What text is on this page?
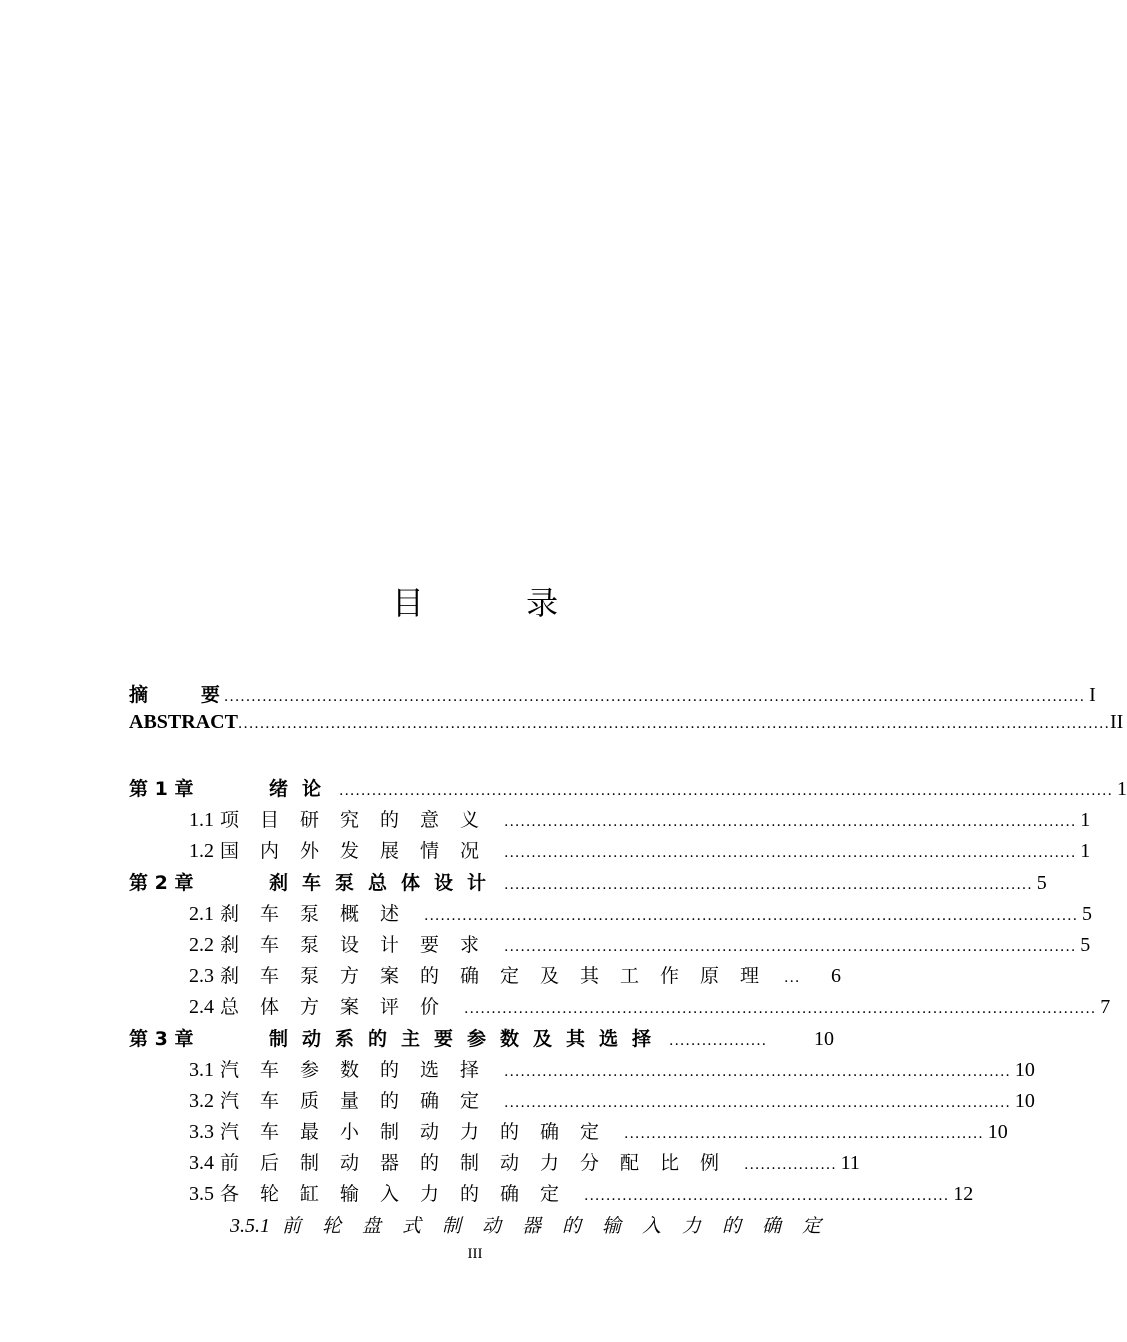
目 录
摘        要 .............................................................................................................................................................. I
ABSTRACT ................................................................................................................................................................ II
第 1 章	绪论 .............................................................................................................................................. 1
1.1 项目研究的意义 ......................................................................................................... 1
1.2 国内外发展情况 ......................................................................................................... 1
第 2 章	刹车泵总体设计 ................................................................................................. 5
2.1 刹车泵概述 ........................................................................................................................ 5
2.2 刹车泵设计要求 ......................................................................................................... 5
2.3 刹车泵方案的确定及其工作原理 ...	6
2.4 总体方案评价 .................................................................................................................... 7
第 3 章	制动系的主要参数及其选择 ..................	10
3.1 汽车参数的选择 ............................................................................................. 10
3.2 汽车质量的确定 ............................................................................................. 10
3.3 汽车最小制动力的确定 .................................................................. 10
3.4 前后制动器的制动力分配比例 ................. 11
3.5 各轮缸输入力的确定 ................................................................... 12
3.5.1 前轮盘式制动器的输入力的确定
III
